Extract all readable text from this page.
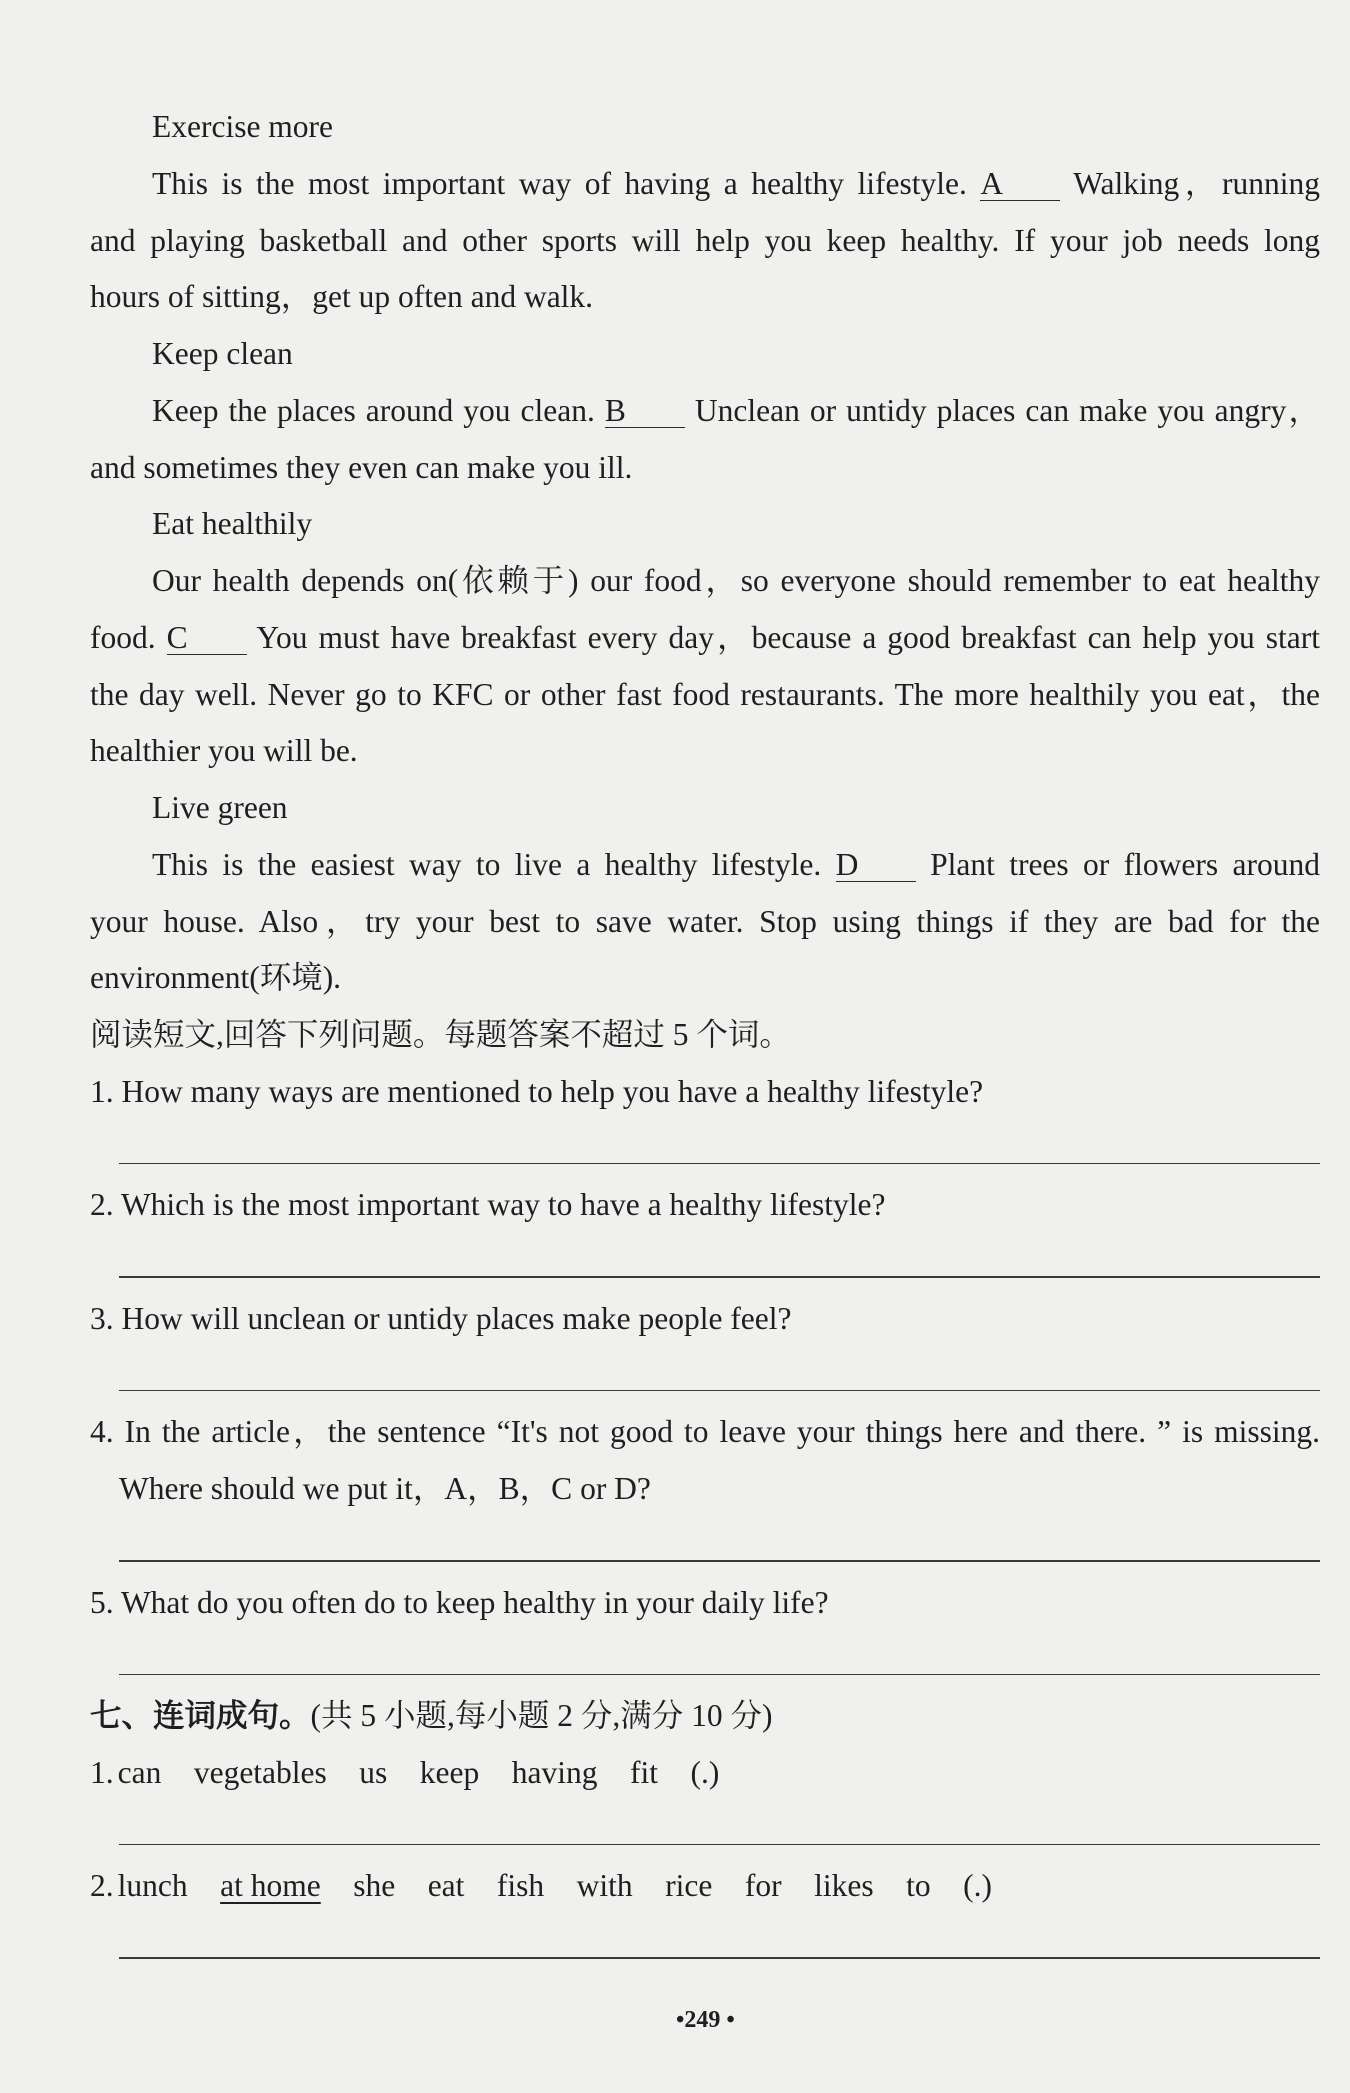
Exercise more
This is the most important way of having a healthy lifestyle. A Walking，running
and playing basketball and other sports will help you keep healthy. If your job needs long
hours of sitting，get up often and walk.
Keep clean
Keep the places around you clean. B Unclean or untidy places can make you angry，
and sometimes they even can make you ill.
Eat healthily
Our health depends on(依赖于) our food，so everyone should remember to eat healthy
food. C You must have breakfast every day，because a good breakfast can help you start
the day well. Never go to KFC or other fast food restaurants. The more healthily you eat，the
healthier you will be.
Live green
This is the easiest way to live a healthy lifestyle. D Plant trees or flowers around
your house. Also，try your best to save water. Stop using things if they are bad for the
environment(环境).
阅读短文,回答下列问题。每题答案不超过 5 个词。
1. How many ways are mentioned to help you have a healthy lifestyle?
2. Which is the most important way to have a healthy lifestyle?
3. How will unclean or untidy places make people feel?
4. In the article，the sentence “It's not good to leave your things here and there. ” is missing.
Where should we put it，A，B，C or D?
5. What do you often do to keep healthy in your daily life?
七、连词成句。(共 5 小题,每小题 2 分,满分 10 分)
1. can vegetables us keep having fit (.)
2. lunch at home she eat fish with rice for likes to (.)
•249 •
